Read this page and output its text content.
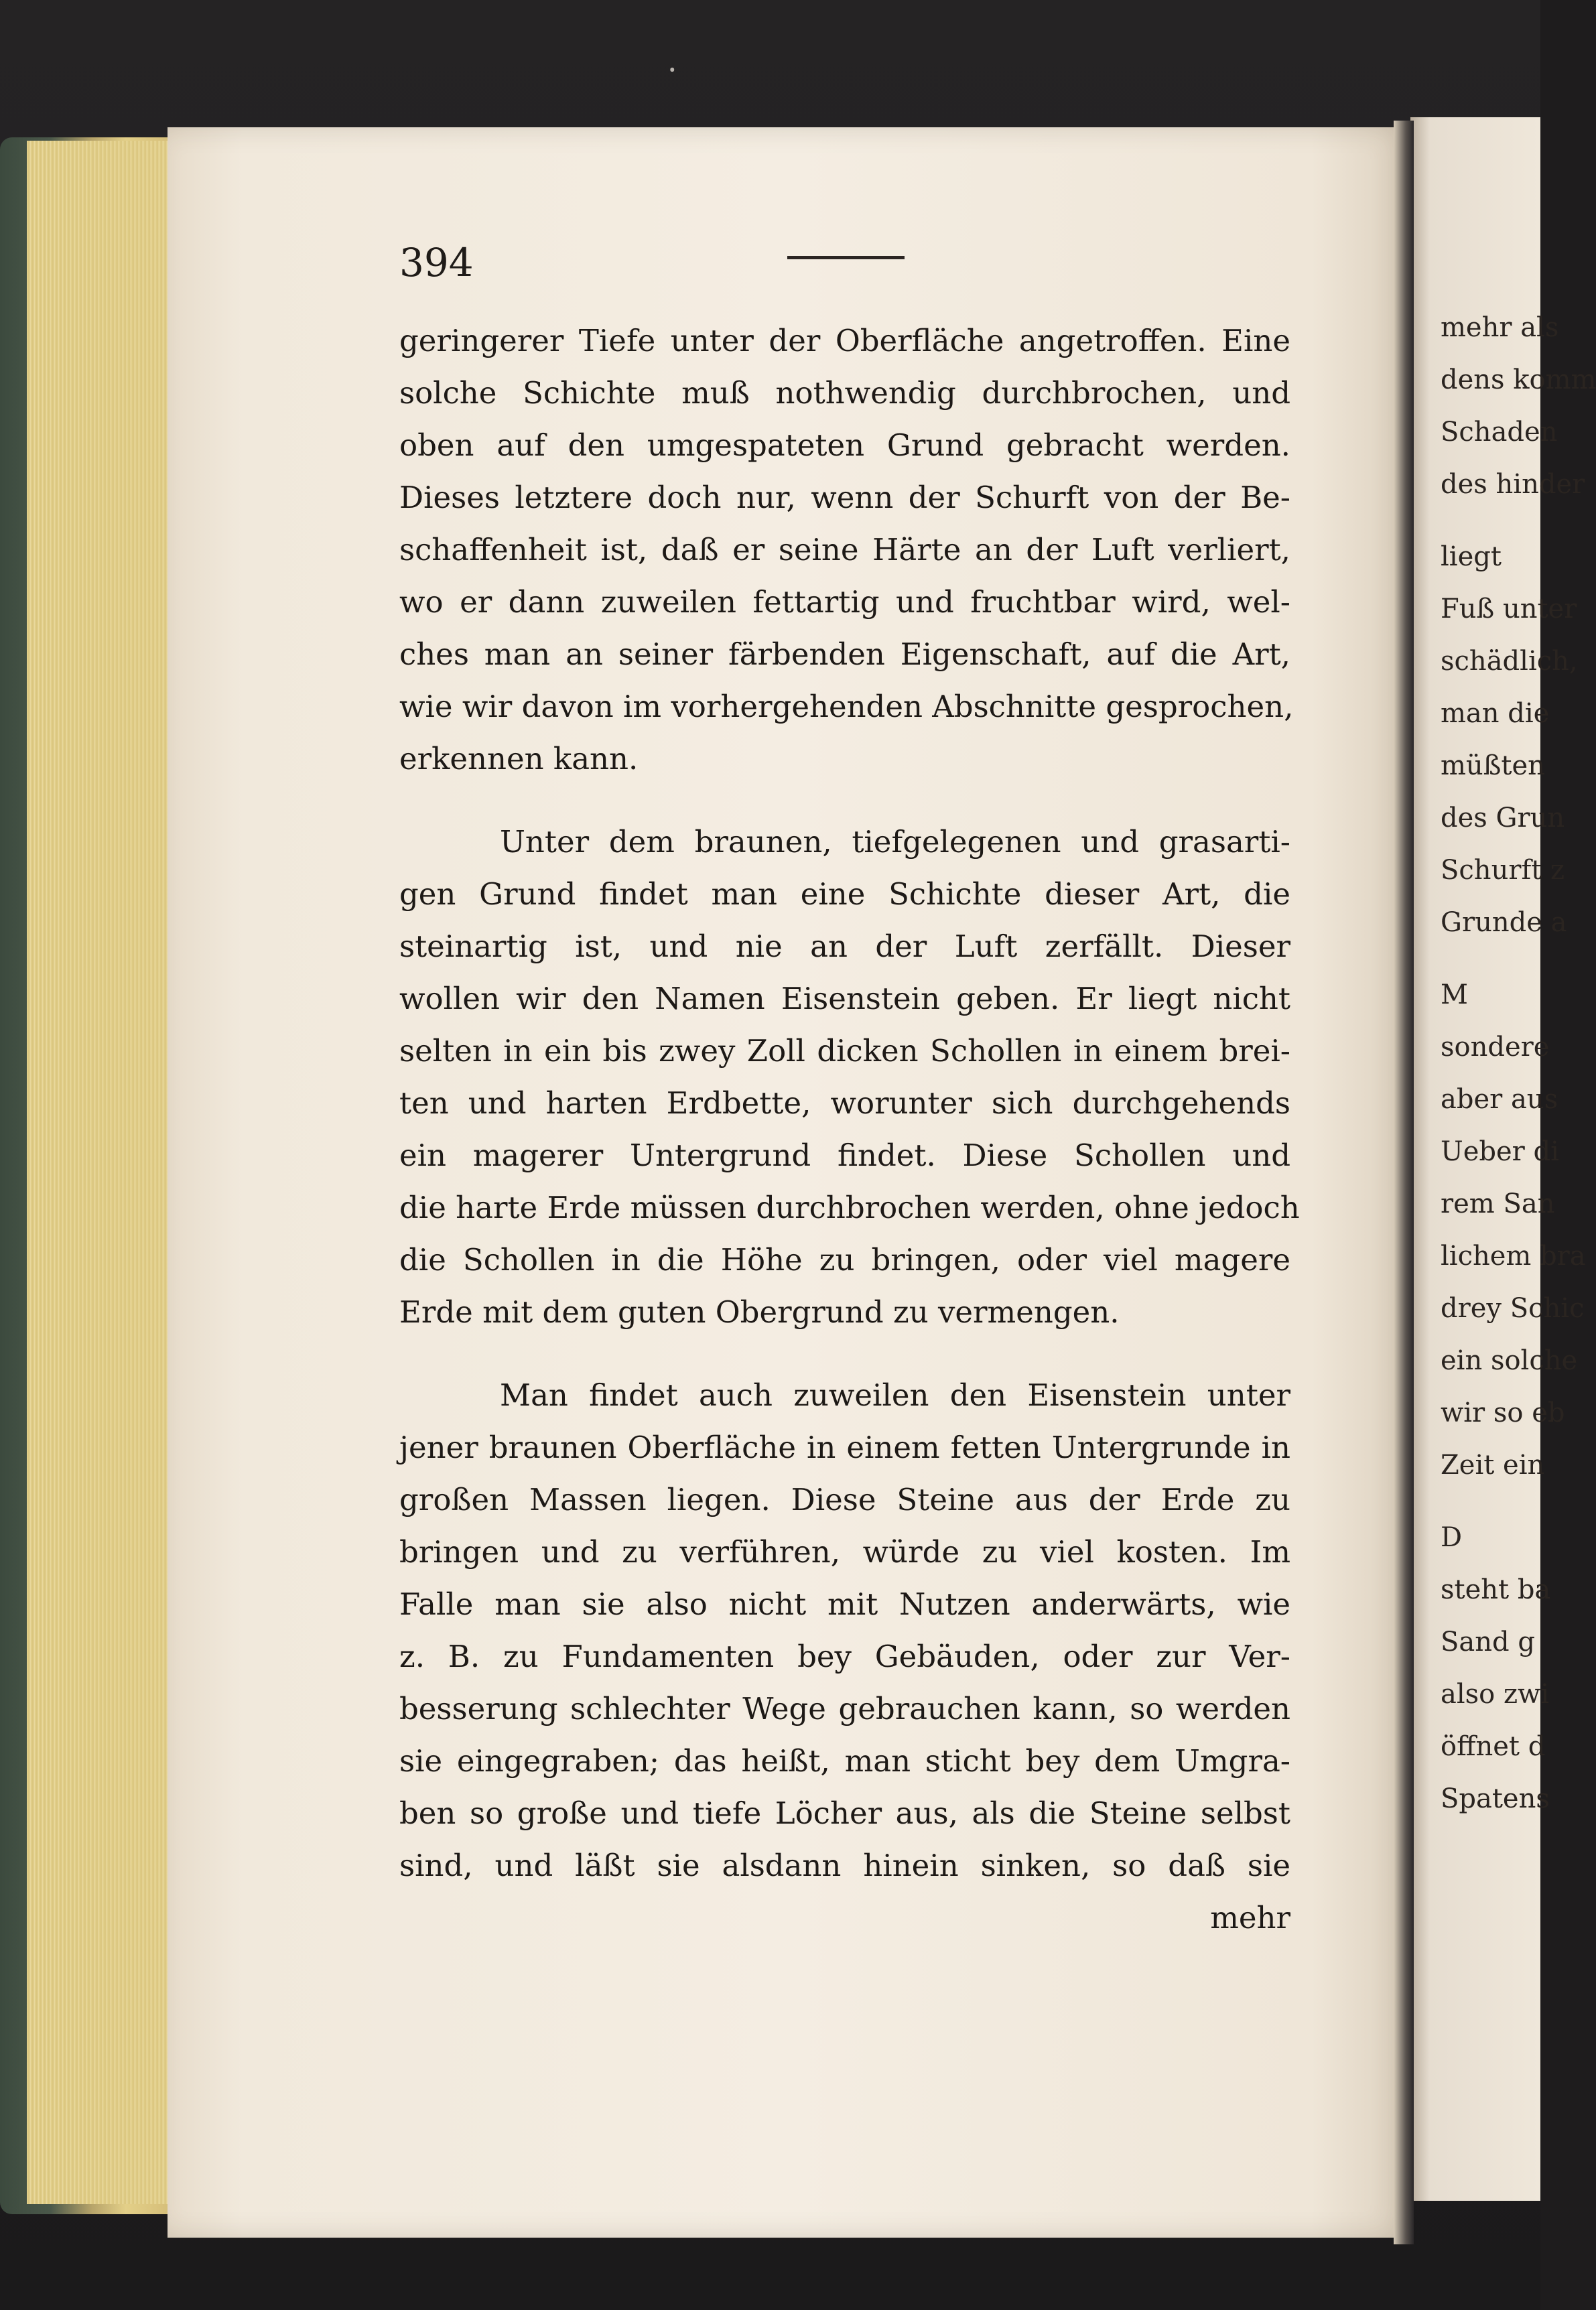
ꞏ
394
geringerer Tiefe unter der Oberfläche angetroffen. Eine
solche Schichte muß nothwendig durchbrochen, und
oben auf den umgespateten Grund gebracht werden.
Dieses letztere doch nur, wenn der Schurft von der Be-
schaffenheit ist, daß er seine Härte an der Luft verliert,
wo er dann zuweilen fettartig und fruchtbar wird, wel-
ches man an seiner färbenden Eigenschaft, auf die Art,
wie wir davon im vorhergehenden Abschnitte gesprochen,
erkennen kann.
Unter dem braunen, tiefgelegenen und grasarti-
gen Grund findet man eine Schichte dieser Art, die
steinartig ist, und nie an der Luft zerfällt. Dieser
wollen wir den Namen Eisenstein geben. Er liegt nicht
selten in ein bis zwey Zoll dicken Schollen in einem brei-
ten und harten Erdbette, worunter sich durchgehends
ein magerer Untergrund findet. Diese Schollen und
die harte Erde müssen durchbrochen werden, ohne jedoch
die Schollen in die Höhe zu bringen, oder viel magere
Erde mit dem guten Obergrund zu vermengen.
Man findet auch zuweilen den Eisenstein unter
jener braunen Oberfläche in einem fetten Untergrunde in
großen Massen liegen. Diese Steine aus der Erde zu
bringen und zu verführen, würde zu viel kosten. Im
Falle man sie also nicht mit Nutzen anderwärts, wie
z. B. zu Fundamenten bey Gebäuden, oder zur Ver-
besserung schlechter Wege gebrauchen kann, so werden
sie eingegraben; das heißt, man sticht bey dem Umgra-
ben so große und tiefe Löcher aus, als die Steine selbst
sind, und läßt sie alsdann hinein sinken, so daß sie
mehr
mehr als
dens komm
Schaden
des hinder
liegt
Fuß unter
schädlich,
man die
müßten
des Grun
Schurft z
Grunde a
M
sondere
aber aus
Ueber di
rem San
lichem bra
drey Schic
ein solche
wir so eb
Zeit ein
D
steht ba
Sand g
also zwi
öffnet d
Spatens
